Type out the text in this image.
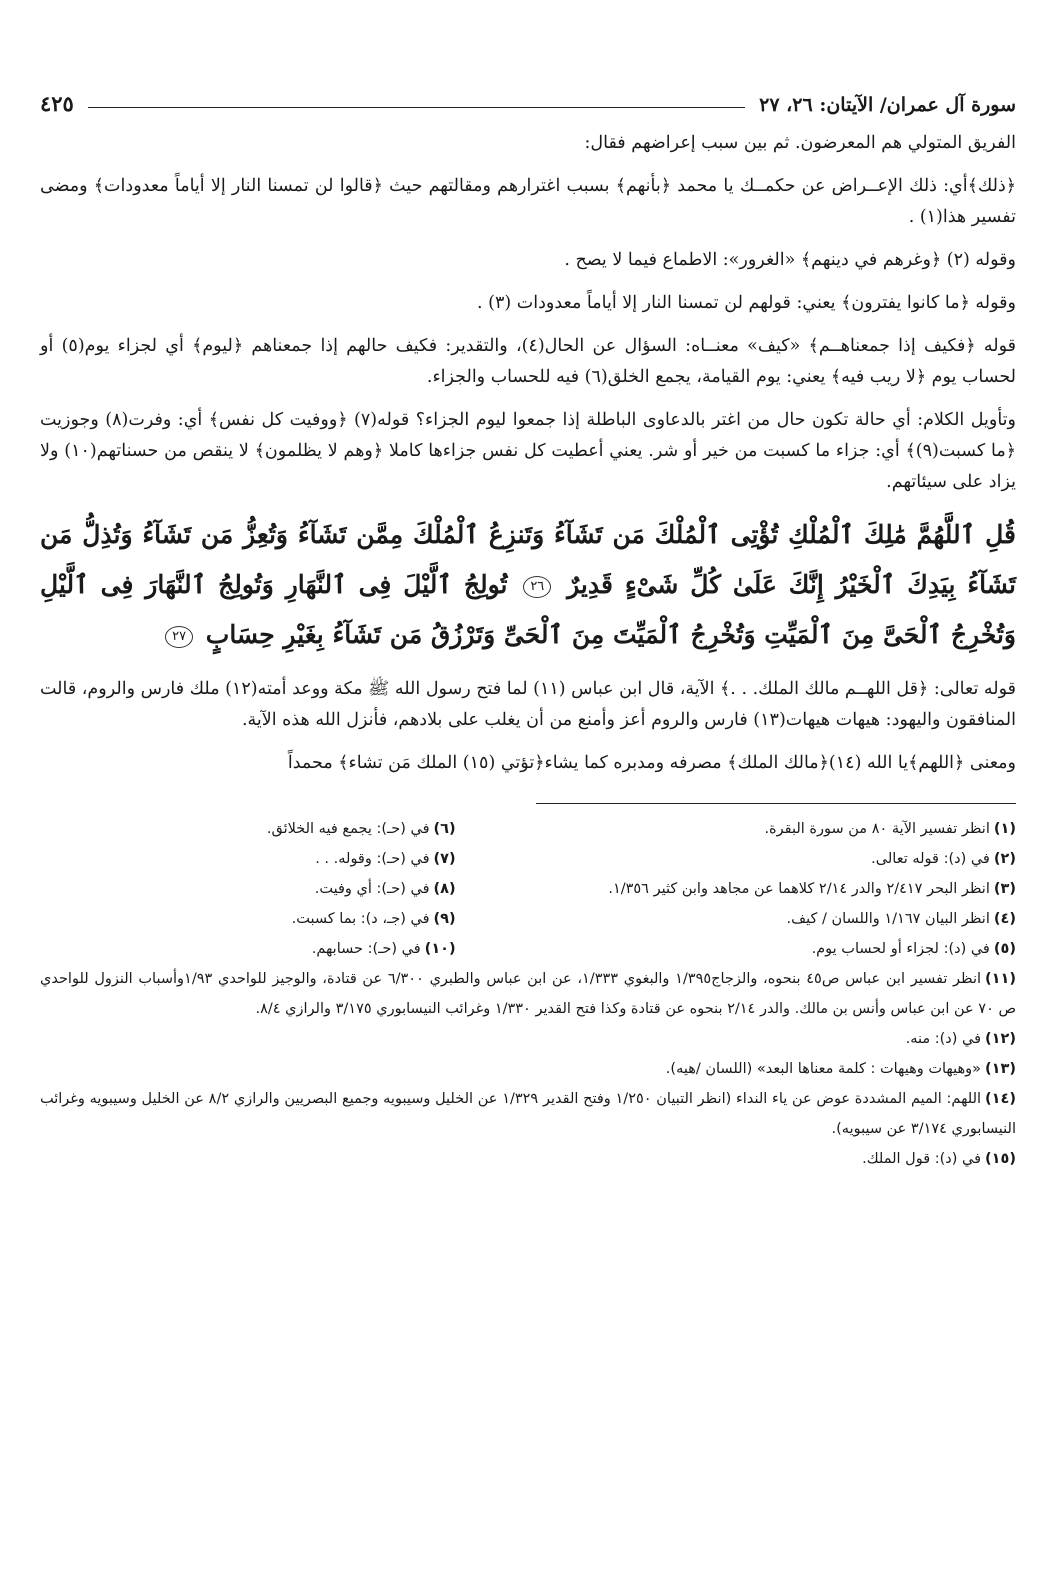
سورة آل عمران/ الآيتان: ٢٦، ٢٧
٤٢٥

الفريق المتولي هم المعرضون. ثم بين سبب إعراضهم فقال:

﴿ذلك﴾أي: ذلك الإعــراض عن حكمــك يا محمد ﴿بأنهم﴾ بسبب اغترارهم ومقالتهم حيث ﴿قالوا لن تمسنا النار إلا أياماً معدودات﴾ ومضى تفسير هذا(١) .

وقوله (٢) ﴿وغرهم في دينهم﴾ «الغرور»: الاطماع فيما لا يصح .

وقوله ﴿ما كانوا يفترون﴾ يعني: قولهم لن تمسنا النار إلا أياماً معدودات (٣) .

قوله ﴿فكيف إذا جمعناهــم﴾ «كيف» معنــاه: السؤال عن الحال(٤)، والتقدير: فكيف حالهم إذا جمعناهم ﴿ليوم﴾ أي لجزاء يوم(٥) أو لحساب يوم ﴿لا ريب فيه﴾ يعني: يوم القيامة، يجمع الخلق(٦) فيه للحساب والجزاء.

وتأويل الكلام: أي حالة تكون حال من اغتر بالدعاوى الباطلة إذا جمعوا ليوم الجزاء؟ قوله(٧) ﴿ووفيت كل نفس﴾ أي: وفرت(٨) وجوزيت ﴿ما كسبت(٩)﴾ أي: جزاء ما كسبت من خير أو شر. يعني أعطيت كل نفس جزاءها كاملا ﴿وهم لا يظلمون﴾ لا ينقص من حسناتهم(١٠) ولا يزاد على سيئاتهم.

قُلِ ٱللَّهُمَّ مَٰلِكَ ٱلْمُلْكِ تُؤْتِى ٱلْمُلْكَ مَن تَشَآءُ وَتَنزِعُ ٱلْمُلْكَ مِمَّن تَشَآءُ وَتُعِزُّ مَن تَشَآءُ وَتُذِلُّ مَن تَشَآءُ بِيَدِكَ ٱلْخَيْرُ إِنَّكَ عَلَىٰ كُلِّ شَىْءٍ قَدِيرٌ ٢٦ تُولِجُ ٱلَّيْلَ فِى ٱلنَّهَارِ وَتُولِجُ ٱلنَّهَارَ فِى ٱلَّيْلِ وَتُخْرِجُ ٱلْحَىَّ مِنَ ٱلْمَيِّتِ وَتُخْرِجُ ٱلْمَيِّتَ مِنَ ٱلْحَىِّ وَتَرْزُقُ مَن تَشَآءُ بِغَيْرِ حِسَابٍ ٢٧

قوله تعالى: ﴿قل اللهــم مالك الملك. . .﴾ الآية، قال ابن عباس (١١) لما فتح رسول الله ﷺ مكة ووعد أمته(١٢) ملك فارس والروم، قالت المنافقون واليهود: هيهات هيهات(١٣) فارس والروم أعز وأمنع من أن يغلب على بلادهم، فأنزل الله هذه الآية.

ومعنى ﴿اللهم﴾يا الله (١٤)﴿مالك الملك﴾ مصرفه ومدبره كما يشاء﴿تؤتي (١٥) الملك مَن تشاء﴾ محمداً

(١)انظر تفسير الآية ٨٠ من سورة البقرة.
(٢)في (د): قوله تعالى.
(٣)انظر البحر ٢/٤١٧ والدر ٢/١٤ كلاهما عن مجاهد وابن كثير ١/٣٥٦.
(٤)انظر البيان ١/١٦٧ واللسان / كيف.
(٥)في (د): لجزاء أو لحساب يوم.
(٦)في (حـ): يجمع فيه الخلائق.
(٧)في (حـ): وقوله. . .
(٨)في (حـ): أي وفيت.
(٩)في (جـ، د): بما كسبت.
(١٠)في (حـ): حسابهم.
(١١)انظر تفسير ابن عباس ص٤٥ بنحوه، والزجاج١/٣٩٥ والبغوي ١/٣٣٣، عن ابن عباس والطبري ٦/٣٠٠ عن قتادة، والوجيز للواحدي ١/٩٣وأسباب النزول للواحدي ص ٧٠ عن ابن عباس وأنس بن مالك. والدر ٢/١٤ بنحوه عن قتادة وكذا فتح القدير ١/٣٣٠ وغرائب النيسابوري ٣/١٧٥ والرازي ٨/٤.
(١٢)في (د): منه.
(١٣)«وهيهات وهيهات : كلمة معناها البعد» (اللسان /هيه).
(١٤)اللهم: الميم المشددة عوض عن ياء النداء (انظر التبيان ١/٢٥٠ وفتح القدير ١/٣٢٩ عن الخليل وسيبويه وجميع البصريين والرازي ٨/٢ عن الخليل وسيبويه وغرائب النيسابوري ٣/١٧٤ عن سيبويه).
(١٥)في (د): قول الملك.
